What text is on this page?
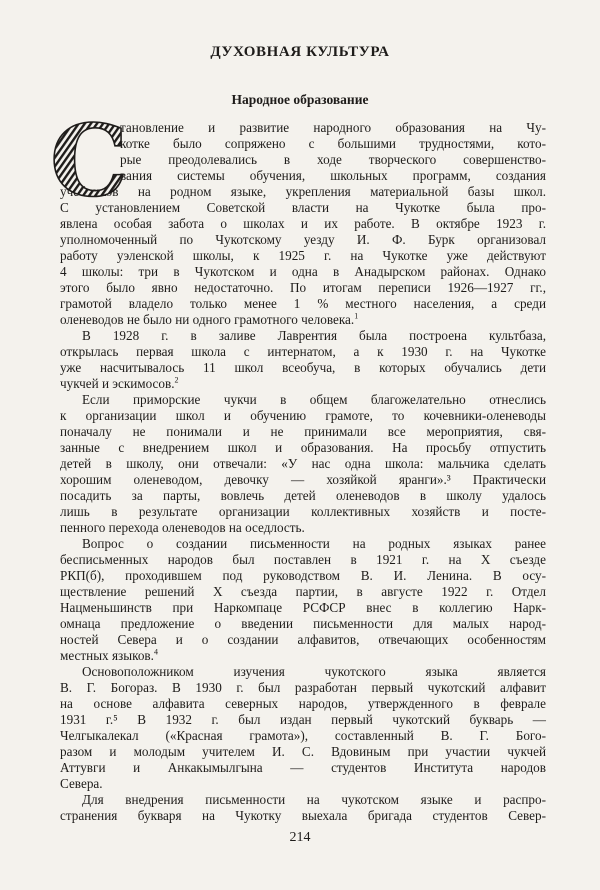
ДУХОВНАЯ КУЛЬТУРА
Народное образование
С
тановление и развитие народного образования на Чу-
котке было сопряжено с большими трудностями, кото-
рые преодолевались в ходе творческого совершенство-
вания системы обучения, школьных программ, создания
учебников на родном языке, укрепления материальной базы школ.
С установлением Советской власти на Чукотке была про-
явлена особая забота о школах и их работе. В октябре 1923 г.
уполномоченный по Чукотскому уезду И. Ф. Бурк организовал
работу уэленской школы, к 1925 г. на Чукотке уже действуют
4 школы: три в Чукотском и одна в Анадырском районах. Однако
этого было явно недостаточно. По итогам переписи 1926—1927 гг.,
грамотой владело только менее 1 % местного населения, а среди
оленеводов не было ни одного грамотного человека.$^1$
В 1928 г. в заливе Лаврентия была построена культбаза,
открылась первая школа с интернатом, а к 1930 г. на Чукотке
уже насчитывалось 11 школ всеобуча, в которых обучались дети
чукчей и эскимосов.$^2$
Если приморские чукчи в общем благожелательно отнеслись
к организации школ и обучению грамоте, то кочевники-оленеводы
поначалу не понимали и не принимали все мероприятия, свя-
занные с внедрением школ и образования. На просьбу отпустить
детей в школу, они отвечали: «У нас одна школа: мальчика сделать
хорошим оленеводом, девочку — хозяйкой яранги».³ Практически
посадить за парты, вовлечь детей оленеводов в школу удалось
лишь в результате организации коллективных хозяйств и посте-
пенного перехода оленеводов на оседлость.
Вопрос о создании письменности на родных языках ранее
бесписьменных народов был поставлен в 1921 г. на X съезде
РКП(б), проходившем под руководством В. И. Ленина. В осу-
ществление решений X съезда партии, в августе 1922 г. Отдел
Нацменьшинств при Наркомпаце РСФСР внес в коллегию Нарк-
омнаца предложение о введении письменности для малых народ-
ностей Севера и о создании алфавитов, отвечающих особенностям
местных языков.$^4$
Основоположником изучения чукотского языка является
В. Г. Богораз. В 1930 г. был разработан первый чукотский алфавит
на основе алфавита северных народов, утвержденного в феврале
1931 г.⁵ В 1932 г. был издан первый чукотский букварь —
Челгыкалекал («Красная грамота»), составленный В. Г. Бого-
разом и молодым учителем И. С. Вдовиным при участии чукчей
Аттувги и Анкакымылгына — студентов Института народов
Севера.
Для внедрения письменности на чукотском языке и распро-
странения букваря на Чукотку выехала бригада студентов Север-
214
